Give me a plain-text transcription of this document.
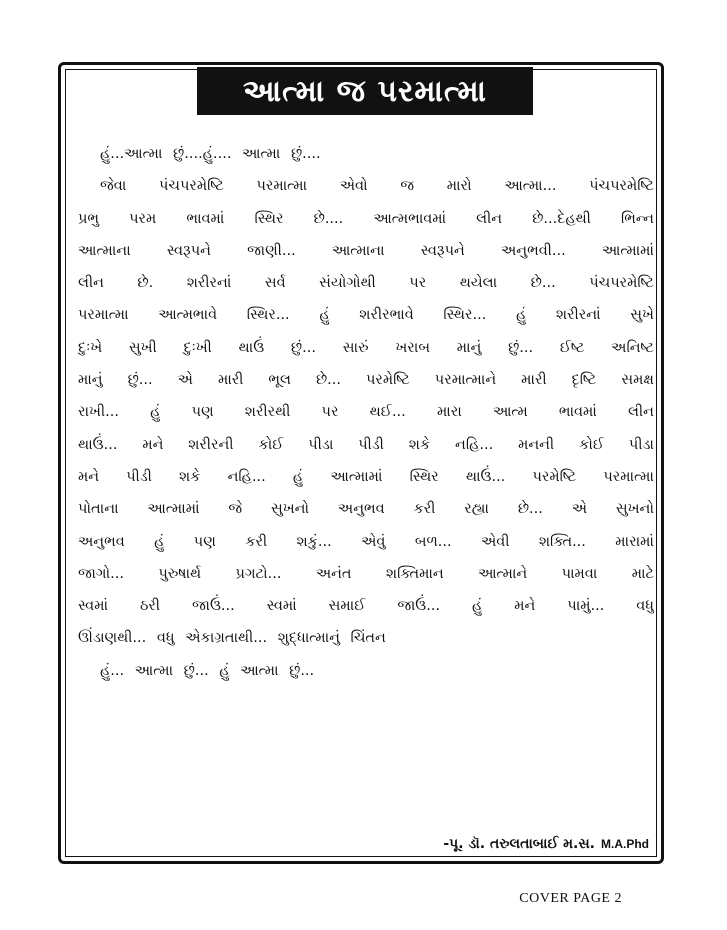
આત્મા જ પરમાત્મા
હું...આત્મા છું....હું.... આત્મા છું....
જેવા પંચપરમેષ્ટિ પરમાત્મા એવો જ મારો આત્મા... પંચપરમેષ્ટિ
પ્રભુ પરમ ભાવમાં સ્થિર છે.... આત્મભાવમાં લીન છે...દેહથી ભિન્ન
આત્માના સ્વરૂપને જાણી... આત્માના સ્વરૂપને અનુભવી... આત્મામાં
લીન છે. શરીરનાં સર્વ સંયોગોથી પર થયેલા છે... પંચપરમેષ્ટિ
પરમાત્મા આત્મભાવે સ્થિર... હું શરીરભાવે સ્થિર... હું શરીરનાં સુખે
દુઃખે સુખી દુઃખી થાઉં છું... સારું ખરાબ માનું છું... ઈષ્ટ અનિષ્ટ
માનું છું... એ મારી ભૂલ છે... પરમેષ્ટિ પરમાત્માને મારી દૃષ્ટિ સમક્ષ
રાખી... હું પણ શરીરથી પર થઈ... મારા આત્મ ભાવમાં લીન
થાઉં... મને શરીરની કોઈ પીડા પીડી શકે નહિ... મનની કોઈ પીડા
મને પીડી શકે નહિ... હું આત્મામાં સ્થિર થાઉં... પરમેષ્ટિ પરમાત્મા
પોતાના આત્મામાં જે સુખનો અનુભવ કરી રહ્યા છે... એ સુખનો
અનુભવ હું પણ કરી શકું... એવું બળ... એવી શક્તિ... મારામાં
જાગો... પુરુષાર્થ પ્રગટો... અનંત શક્તિમાન આત્માને પામવા માટે
સ્વમાં ઠરી જાઉં... સ્વમાં સમાઈ જાઉં... હું મને પામું... વધુ
ઊંડાણથી... વધુ એકાગ્રતાથી... શુદ્ધાત્માનું ચિંતન
હું... આત્મા છું... હું આત્મા છું...
-પૂ. ડૉ. તરુલતાબાઈ મ.સ. M.A.Phd
COVER PAGE 2
